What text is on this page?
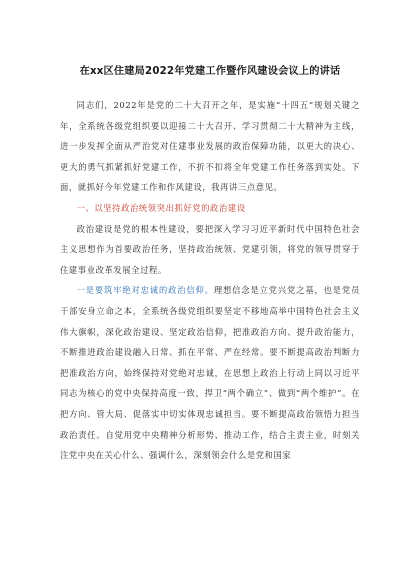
在xx区住建局2022年党建工作暨作风建设会议上的讲话

同志们，2022年是党的二十大召开之年，是实施“十四五”规划关键之年，全系统各级党组织要以迎接二十大召开、学习贯彻二十大精神为主线，进一步发挥全面从严治党对住建事业发展的政治保障功能，以更大的决心、更大的勇气抓紧抓好党建工作，不折不扣将全年党建工作任务落到实处。下面，就抓好今年党建工作和作风建设，我再讲三点意见。

一、以坚持政治统领突出抓好党的政治建设

政治建设是党的根本性建设，要把深入学习习近平新时代中国特色社会主义思想作为首要政治任务，坚持政治统领、党建引领，将党的领导贯穿于住建事业改革发展全过程。

一是要筑牢绝对忠诚的政治信仰。理想信念是立党兴党之基，也是党员干部安身立命之本，全系统各级党组织要坚定不移地高举中国特色社会主义伟大旗帜，深化政治建设、坚定政治信仰，把准政治方向、提升政治能力，不断推进政治建设融入日常、抓在平常、严在经常。要不断提高政治判断力把准政治方向，始终保持对党绝对忠诚，在思想上政治上行动上同以习近平同志为核心的党中央保持高度一致，捍卫“两个确立”、做到“两个维护”。在把方向、管大局、促落实中切实体现忠诚担当。要不断提高政治领悟力担当政治责任。自觉用党中央精神分析形势、推动工作，结合主责主业，时刻关注党中央在关心什么、强调什么，深刻领会什么是党和国家
